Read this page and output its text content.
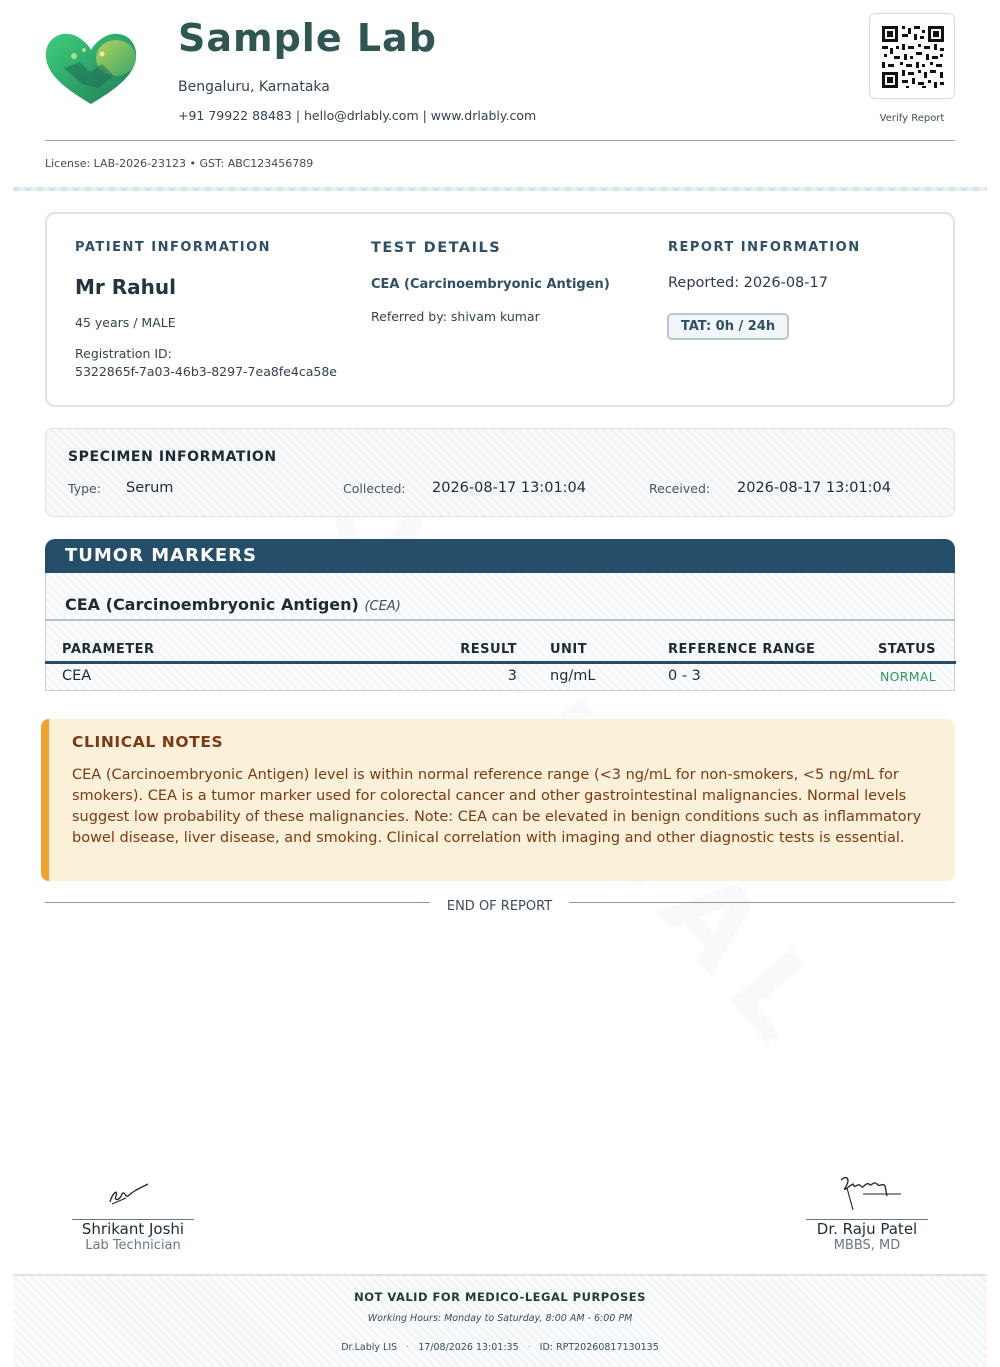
Sample Lab
Bengaluru, Karnataka
+91 79922 88483 | hello@drlably.com | www.drlably.com	Verify Report
License: LAB-2026-23123 • GST: ABC123456789
PATIENT INFORMATION
Mr Rahul
45 years / MALE
Registration ID:
5322865f-7a03-46b3-8297-7ea8fe4ca58e
TEST DETAILS
CEA (Carcinoembryonic Antigen)
Referred by: shivam kumar
REPORT INFORMATION
Reported: 2026-08-17
TAT: 0h / 24h
SPECIMEN INFORMATION
Type: Serum	Collected: 2026-08-17 13:01:04	Received: 2026-08-17 13:01:04
TUMOR MARKERS
CEA (Carcinoembryonic Antigen) (CEA)
PARAMETER	RESULT	UNIT	REFERENCE RANGE	STATUS
CEA	3 ng/mL	0 - 3	NORMAL
CLINICAL NOTES
CEA (Carcinoembryonic Antigen) level is within normal reference range (<3 ng/mL for non-smokers, <5 ng/mL for smokers). CEA is a tumor marker used for colorectal cancer and other gastrointestinal malignancies. Normal levels suggest low probability of these malignancies. Note: CEA can be elevated in benign conditions such as inflammatory bowel disease, liver disease, and smoking. Clinical correlation with imaging and other diagnostic tests is essential.
END OF REPORT
Shrikant Joshi
Lab Technician
Dr. Raju Patel
MBBS, MD
NOT VALID FOR MEDICO-LEGAL PURPOSES
Working Hours: Monday to Saturday, 8:00 AM - 6:00 PM
Dr.Lably LIS · 17/08/2026 13:01:35 · ID: RPT20260817130135
